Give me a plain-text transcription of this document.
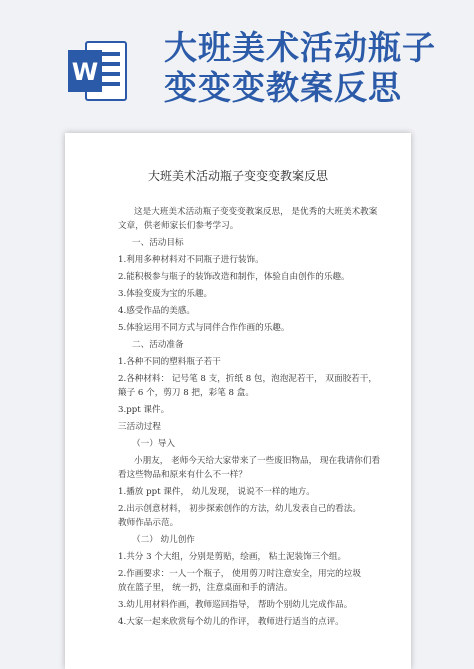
W
大班美术活动瓶子
变变变教案反思
大班美术活动瓶子变变变教案反思

这是大班美术活动瓶子变变变教案反思， 是优秀的大班美术教案

文章，供老师家长们参考学习。

一、活动目标

1.利用多种材料对不同瓶子进行装饰。

2.能积极参与瓶子的装饰改造和制作，体验自由创作的乐趣。

3.体验变废为宝的乐趣。

4.感受作品的美感。

5.体验运用不同方式与同伴合作作画的乐趣。

二、活动准备

1.各种不同的塑料瓶子若干

2.各种材料： 记号笔 8 支，折纸 8 包，泡泡泥若干， 双面胶若干，

簸子 6 个，剪刀 8 把，彩笔 8 盒。

3.ppt 课件。

三活动过程

（一）导入

小朋友， 老师今天给大家带来了一些废旧物品， 现在我请你们看

看这些物品和原来有什么不一样？

1.播放 ppt 课件， 幼儿发现， 说说不一样的地方。

2.出示创意材料， 初步探索创作的方法，幼儿发表自己的看法。

教师作品示范。

（二） 幼儿创作

1.共分 3 个大组，分别是剪贴，绘画， 粘土泥装饰三个组。

2.作画要求：一人一个瓶子， 使用剪刀时注意安全，用完的垃圾

放在篮子里， 统一扔，注意桌面和手的清洁。

3.幼儿用材料作画，教师巡回指导， 帮助个别幼儿完成作品。

4.大家一起来欣赏每个幼儿的作评， 教师进行适当的点评。
